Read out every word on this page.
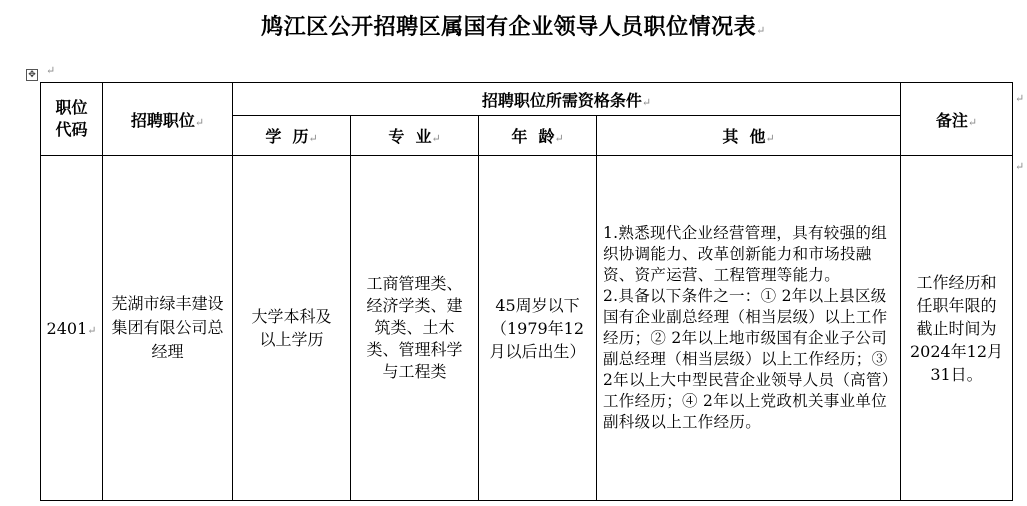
鸠江区公开招聘区属国有企业领导人员职位情况表↵
✥ ↵
职位代码	招聘职位↵	招聘职位所需资格条件↵				备注↵
		学  历↵	专  业↵	年  龄↵	其  他↵	
2401↵	芜湖市绿丰建设集团有限公司总经理	大学本科及以上学历	工商管理类、经济学类、建筑类、土木类、管理科学与工程类	45周岁以下（1979年12月以后出生）	1.熟悉现代企业经营管理，具有较强的组织协调能力、改革创新能力和市场投融资、资产运营、工程管理等能力。
2.具备以下条件之一：① 2年以上县区级国有企业副总经理（相当层级）以上工作经历；② 2年以上地市级国有企业子公司副总经理（相当层级）以上工作经历；③ 2年以上大中型民营企业领导人员（高管）工作经历；④ 2年以上党政机关事业单位副科级以上工作经历。	工作经历和任职年限的截止时间为2024年12月31日。
↵
↵
